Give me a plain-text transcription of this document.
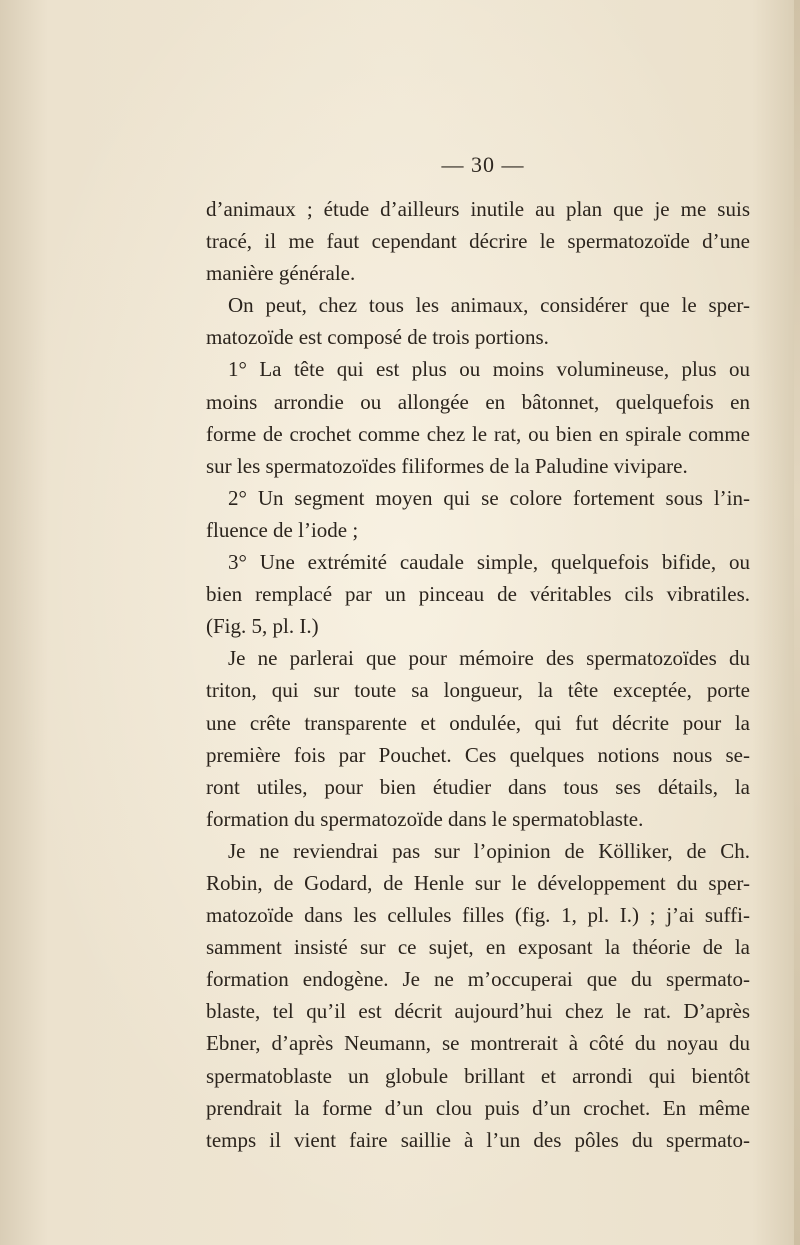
— 30 —
d’animaux ; étude d’ailleurs inutile au plan que je me suis
tracé, il me faut cependant décrire le spermatozoïde d’une
manière générale.
On peut, chez tous les animaux, considérer que le sper-
matozoïde est composé de trois portions.
1° La tête qui est plus ou moins volumineuse, plus ou
moins arrondie ou allongée en bâtonnet, quelquefois en
forme de crochet comme chez le rat, ou bien en spirale comme
sur les spermatozoïdes filiformes de la Paludine vivipare.
2° Un segment moyen qui se colore fortement sous l’in-
fluence de l’iode ;
3° Une extrémité caudale simple, quelquefois bifide, ou
bien remplacé par un pinceau de véritables cils vibratiles.
(Fig. 5, pl. I.)
Je ne parlerai que pour mémoire des spermatozoïdes du
triton, qui sur toute sa longueur, la tête exceptée, porte
une crête transparente et ondulée, qui fut décrite pour la
première fois par Pouchet. Ces quelques notions nous se-
ront utiles, pour bien étudier dans tous ses détails, la
formation du spermatozoïde dans le spermatoblaste.
Je ne reviendrai pas sur l’opinion de Kölliker, de Ch.
Robin, de Godard, de Henle sur le développement du sper-
matozoïde dans les cellules filles (fig. 1, pl. I.) ; j’ai suffi-
samment insisté sur ce sujet, en exposant la théorie de la
formation endogène. Je ne m’occuperai que du spermato-
blaste, tel qu’il est décrit aujourd’hui chez le rat. D’après
Ebner, d’après Neumann, se montrerait à côté du noyau du
spermatoblaste un globule brillant et arrondi qui bientôt
prendrait la forme d’un clou puis d’un crochet. En même
temps il vient faire saillie à l’un des pôles du spermato-
